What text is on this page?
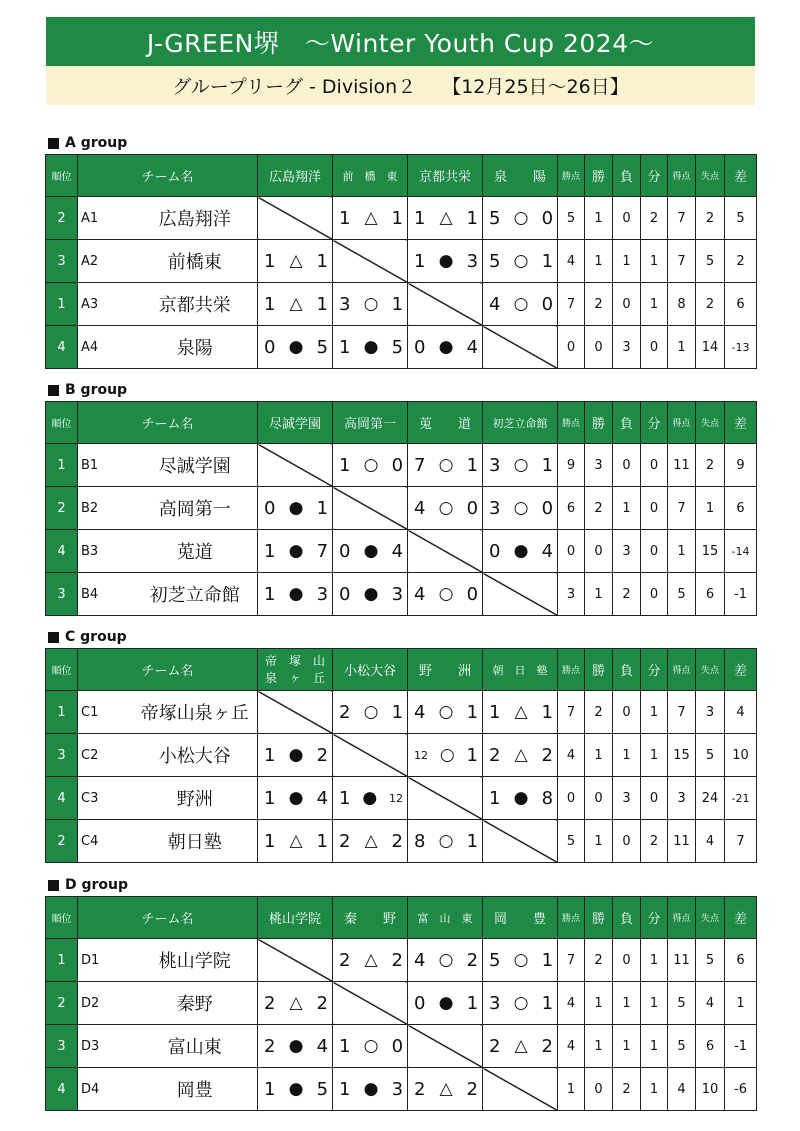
J-GREEN堺　〜Winter Youth Cup 2024〜
グループリーグ - Division２ 【12月25日〜26日】
A group
順位	チーム名		広島翔洋	前　橋　東	京都共栄	泉　　陽	勝点	勝	負	分	得点	失点	差
2	A1	広島翔洋		1 △ 1	1 △ 1	5 ○ 0	5	1	0	2	7	2	5
3	A2	前橋東	1 △ 1		1 ● 3	5 ○ 1	4	1	1	1	7	5	2
1	A3	京都共栄	1 △ 1	3 ○ 1		4 ○ 0	7	2	0	1	8	2	6
4	A4	泉陽	0 ● 5	1 ● 5	0 ● 4		0	0	3	0	1	14	-13
B group
順位	チーム名		尽誠学園	高岡第一	莵　　道	初芝立命館	勝点	勝	負	分	得点	失点	差
1	B1	尽誠学園		1 ○ 0	7 ○ 1	3 ○ 1	9	3	0	0	11	2	9
2	B2	高岡第一	0 ● 1		4 ○ 0	3 ○ 0	6	2	1	0	7	1	6
4	B3	莵道	1 ● 7	0 ● 4		0 ● 4	0	0	3	0	1	15	-14
3	B4	初芝立命館	1 ● 3	0 ● 3	4 ○ 0		3	1	2	0	5	6	-1
C group
順位	チーム名		帝　塚　山
泉　ヶ　丘	小松大谷	野　　洲	朝　日　塾	勝点	勝	負	分	得点	失点	差
1	C1	帝塚山泉ヶ丘		2 ○ 1	4 ○ 1	1 △ 1	7	2	0	1	7	3	4
3	C2	小松大谷	1 ● 2		12 ○ 1	2 △ 2	4	1	1	1	15	5	10
4	C3	野洲	1 ● 4	1 ● 12		1 ● 8	0	0	3	0	3	24	-21
2	C4	朝日塾	1 △ 1	2 △ 2	8 ○ 1		5	1	0	2	11	4	7
D group
順位	チーム名		桃山学院	秦　　野	富　山　東	岡　　豊	勝点	勝	負	分	得点	失点	差
1	D1	桃山学院		2 △ 2	4 ○ 2	5 ○ 1	7	2	0	1	11	5	6
2	D2	秦野	2 △ 2		0 ● 1	3 ○ 1	4	1	1	1	5	4	1
3	D3	富山東	2 ● 4	1 ○ 0		2 △ 2	4	1	1	1	5	6	-1
4	D4	岡豊	1 ● 5	1 ● 3	2 △ 2		1	0	2	1	4	10	-6
